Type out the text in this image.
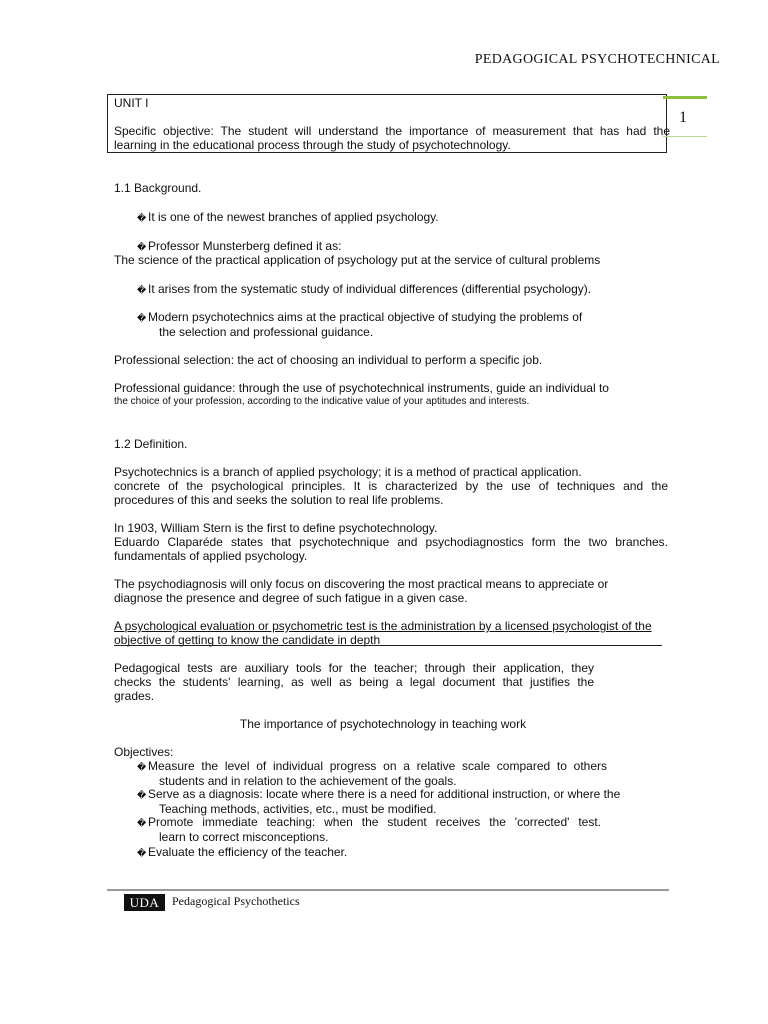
PEDAGOGICAL PSYCHOTECHNICAL
UNIT I
Specific objective: The student will understand the importance of measurement that has had the
learning in the educational process through the study of psychotechnology.
1
1.1 Background.
� It is one of the newest branches of applied psychology.
� Professor Munsterberg defined it as:
The science of the practical application of psychology put at the service of cultural problems
� It arises from the systematic study of individual differences (differential psychology).
� Modern psychotechnics aims at the practical objective of studying the problems of
the selection and professional guidance.
Professional selection: the act of choosing an individual to perform a specific job.
Professional guidance: through the use of psychotechnical instruments, guide an individual to
the choice of your profession, according to the indicative value of your aptitudes and interests.
1.2 Definition.
Psychotechnics is a branch of applied psychology; it is a method of practical application.
concrete of the psychological principles. It is characterized by the use of techniques and the
procedures of this and seeks the solution to real life problems.
In 1903, William Stern is the first to define psychotechnology.
Eduardo Claparéde states that psychotechnique and psychodiagnostics form the two branches.
fundamentals of applied psychology.
The psychodiagnosis will only focus on discovering the most practical means to appreciate or
diagnose the presence and degree of such fatigue in a given case.
A psychological evaluation or psychometric test is the administration by a licensed psychologist of the
objective of getting to know the candidate in depth
Pedagogical tests are auxiliary tools for the teacher; through their application, they
checks the students' learning, as well as being a legal document that justifies the
grades.
The importance of psychotechnology in teaching work
Objectives:
� Measure the level of individual progress on a relative scale compared to others
students and in relation to the achievement of the goals.
� Serve as a diagnosis: locate where there is a need for additional instruction, or where the
Teaching methods, activities, etc., must be modified.
� Promote immediate teaching: when the student receives the 'corrected' test.
learn to correct misconceptions.
� Evaluate the efficiency of the teacher.
UDA	Pedagogical Psychothetics
